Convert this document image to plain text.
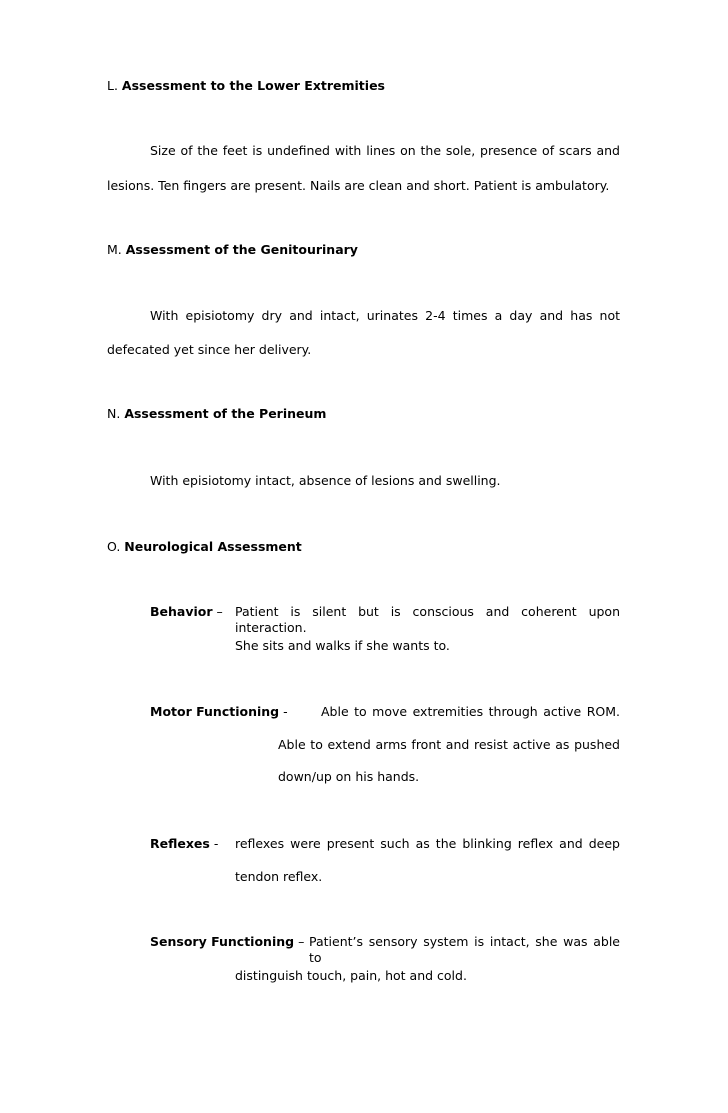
L. Assessment to the Lower Extremities
Size of the feet is undefined with lines on the sole, presence of scars and
lesions. Ten fingers are present. Nails are clean and short. Patient is ambulatory.
M. Assessment of the Genitourinary
With episiotomy dry and intact, urinates 2-4 times a day and has not
defecated yet since her delivery.
N. Assessment of the Perineum
With episiotomy intact, absence of lesions and swelling.
O. Neurological Assessment
Behavior – Patient is silent but is conscious and coherent upon interaction.
She sits and walks if she wants to.
Motor Functioning -	Able to move extremities through active ROM.
Able to extend arms front and resist active as pushed
down/up on his hands.
Reflexes - reflexes were present such as the blinking reflex and deep
tendon reflex.
Sensory Functioning – Patient’s sensory system is intact, she was able to
distinguish touch, pain, hot and cold.
